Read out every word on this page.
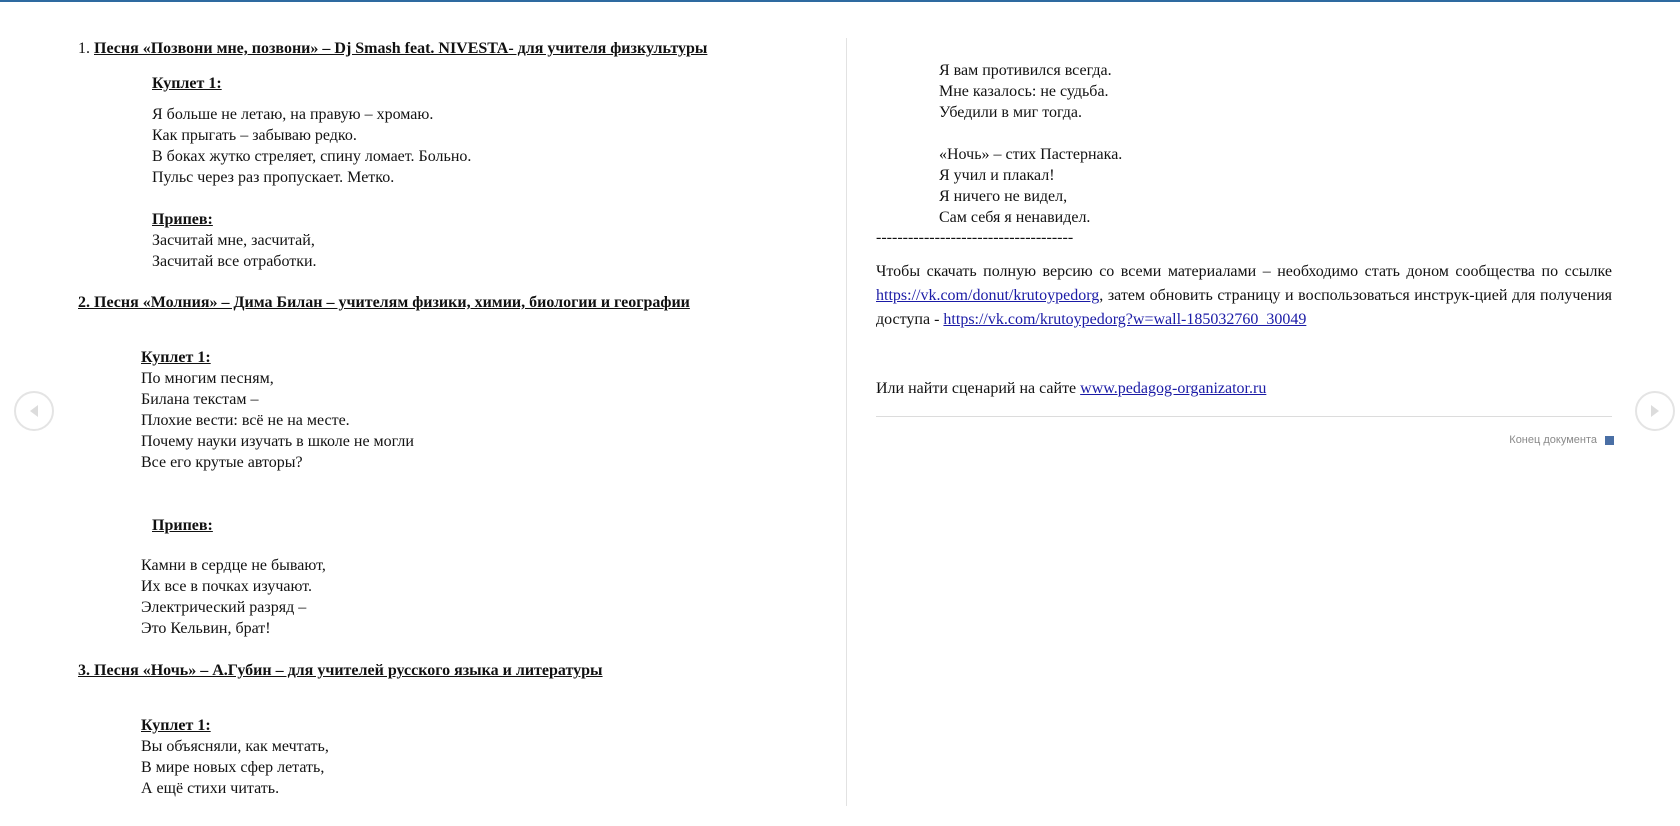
1. Песня «Позвони мне, позвони» – Dj Smash feat. NIVESTA- для учителя физкультуры
Куплет 1:
Я больше не летаю, на правую – хромаю.
Как прыгать – забываю редко.
В боках жутко стреляет, спину ломает. Больно.
Пульс через раз пропускает. Метко.
Припев:
Засчитай мне, засчитай,
Засчитай все отработки.
2. Песня «Молния» – Дима Билан – учителям физики, химии, биологии и географии
Куплет 1:
По многим песням,
Билана текстам –
Плохие вести: всё не на месте.
Почему науки изучать в школе не могли
Все его крутые авторы?
Припев:
Камни в сердце не бывают,
Их все в почках изучают.
Электрический разряд –
Это Кельвин, брат!
3. Песня «Ночь» – А.Губин – для учителей русского языка и литературы
Куплет 1:
Вы объясняли, как мечтать,
В мире новых сфер летать,
А ещё стихи читать.
Я вам противился всегда.
Мне казалось: не судьба.
Убедили в миг тогда.
«Ночь» – стих Пастернака.
Я учил и плакал!
Я ничего не видел,
Сам себя я ненавидел.
-------------------------------------
Чтобы скачать полную версию со всеми материалами – необходимо стать доном сообщества по ссылке https://vk.com/donut/krutoypedorg, затем обновить страницу и воспользоваться инструк-цией для получения доступа - https://vk.com/krutoypedorg?w=wall-185032760_30049
Или найти сценарий на сайте www.pedagog-organizator.ru
Конец документа
